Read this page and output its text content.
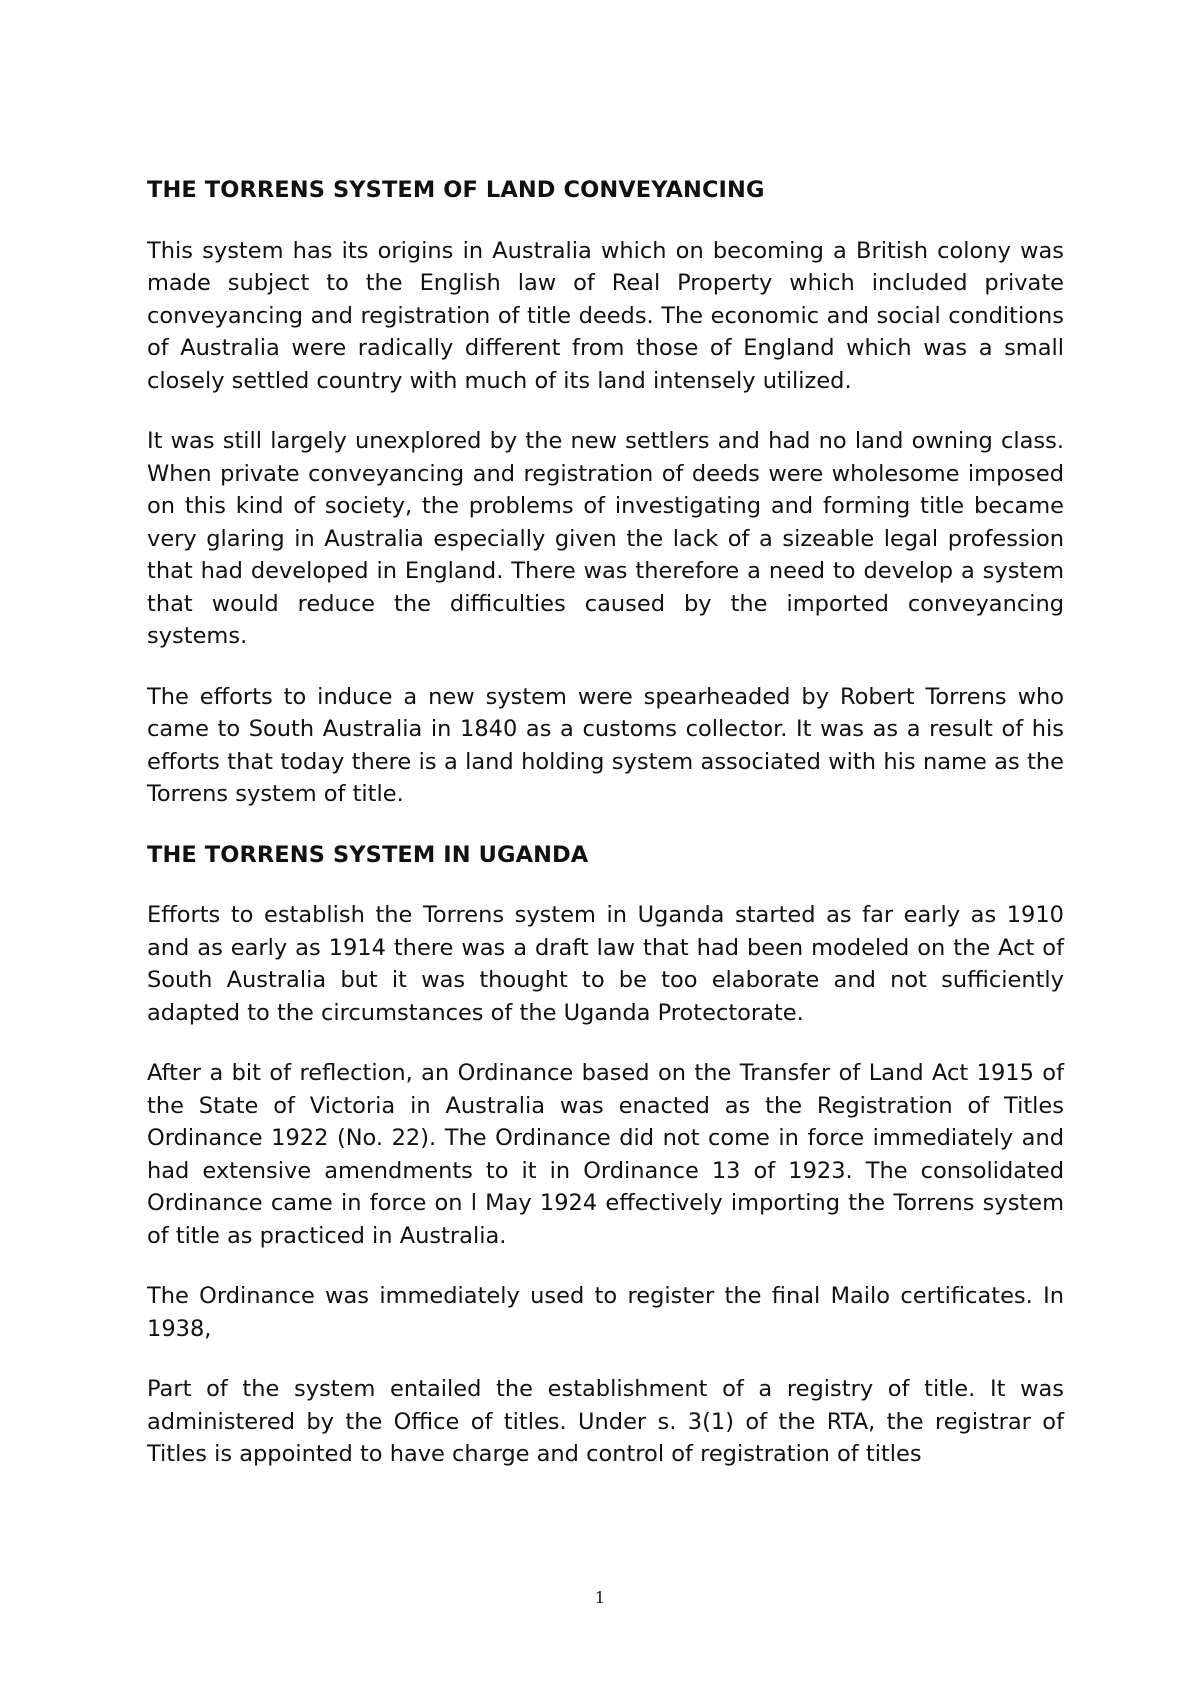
THE TORRENS SYSTEM OF LAND CONVEYANCING

This system has its origins in Australia which on becoming a British colony was made subject to the English law of Real Property which included private conveyancing and registration of title deeds. The economic and social conditions of Australia were radically different from those of England which was a small closely settled country with much of its land intensely utilized.

It was still largely unexplored by the new settlers and had no land owning class. When private conveyancing and registration of deeds were wholesome imposed on this kind of society, the problems of investigating and forming title became very glaring in Australia especially given the lack of a sizeable legal profession that had developed in England. There was therefore a need to develop a system that would reduce the difficulties caused by the imported conveyancing systems.

The efforts to induce a new system were spearheaded by Robert Torrens who came to South Australia in 1840 as a customs collector. It was as a result of his efforts that today there is a land holding system associated with his name as the Torrens system of title.

THE TORRENS SYSTEM IN UGANDA

Efforts to establish the Torrens system in Uganda started as far early as 1910 and as early as 1914 there was a draft law that had been modeled on the Act of South Australia but it was thought to be too elaborate and not sufficiently adapted to the circumstances of the Uganda Protectorate.

After a bit of reflection, an Ordinance based on the Transfer of Land Act 1915 of the State of Victoria in Australia was enacted as the Registration of Titles Ordinance 1922 (No. 22). The Ordinance did not come in force immediately and had extensive amendments to it in Ordinance 13 of 1923. The consolidated Ordinance came in force on l May 1924 effectively importing the Torrens system of title as practiced in Australia.

The Ordinance was immediately used to register the final Mailo certificates. In 1938,

Part of the system entailed the establishment of a registry of title. It was administered by the Office of titles. Under s. 3(1) of the RTA, the registrar of Titles is appointed to have charge and control of registration of titles

1
